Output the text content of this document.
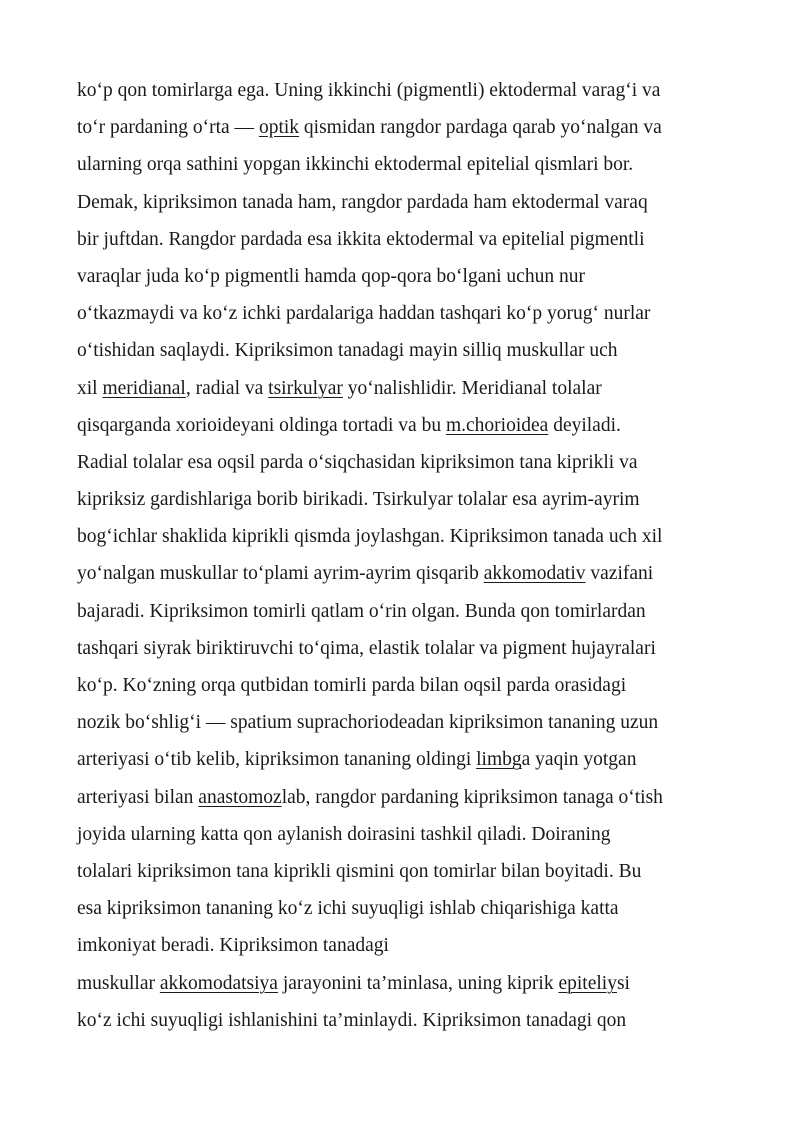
ko‘p qon tomirlarga ega. Uning ikkinchi (pigmentli) ektodermal varag‘i va
to‘r pardaning o‘rta — optik qismidan rangdor pardaga qarab yo‘nalgan va
ularning orqa sathini yopgan ikkinchi ektodermal epitelial qismlari bor.
Demak, kipriksimon tanada ham, rangdor pardada ham ektodermal varaq
bir juftdan. Rangdor pardada esa ikkita ektodermal va epitelial pigmentli
varaqlar juda ko‘p pigmentli hamda qop-qora bo‘lgani uchun nur
o‘tkazmaydi va ko‘z ichki pardalariga haddan tashqari ko‘p yorug‘ nurlar
o‘tishidan saqlaydi. Kipriksimon tanadagi mayin silliq muskullar uch
xil meridianal, radial va tsirkulyar yo‘nalishlidir. Meridianal tolalar
qisqarganda xorioideyani oldinga tortadi va bu m.chorioidea deyiladi.
Radial tolalar esa oqsil parda o‘siqchasidan kipriksimon tana kiprikli va
kipriksiz gardishlariga borib birikadi. Tsirkulyar tolalar esa ayrim-ayrim
bog‘ichlar shaklida kiprikli qismda joylashgan. Kipriksimon tanada uch xil
yo‘nalgan muskullar to‘plami ayrim-ayrim qisqarib akkomodativ vazifani
bajaradi. Kipriksimon tomirli qatlam o‘rin olgan. Bunda qon tomirlardan
tashqari siyrak biriktiruvchi to‘qima, elastik tolalar va pigment hujayralari
ko‘p. Ko‘zning orqa qutbidan tomirli parda bilan oqsil parda orasidagi
nozik bo‘shlig‘i — spatium suprachoriodeadan kipriksimon tananing uzun
arteriyasi o‘tib kelib, kipriksimon tananing oldingi limbga yaqin yotgan
arteriyasi bilan anastomozlab, rangdor pardaning kipriksimon tanaga o‘tish
joyida ularning katta qon aylanish doirasini tashkil qiladi. Doiraning
tolalari kipriksimon tana kiprikli qismini qon tomirlar bilan boyitadi. Bu
esa kipriksimon tananing ko‘z ichi suyuqligi ishlab chiqarishiga katta
imkoniyat beradi. Kipriksimon tanadagi
muskullar akkomodatsiya jarayonini ta’minlasa, uning kiprik epiteliysi
ko‘z ichi suyuqligi ishlanishini ta’minlaydi. Kipriksimon tanadagi qon
